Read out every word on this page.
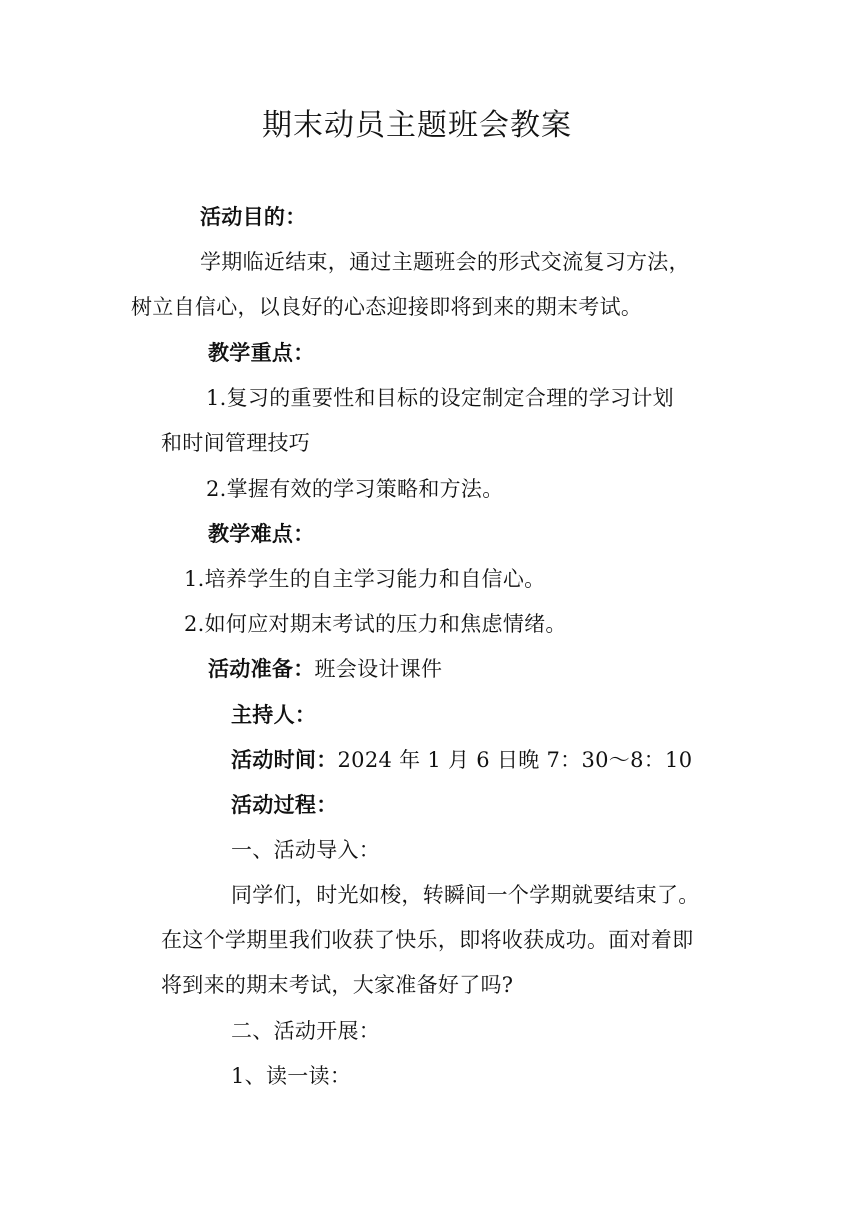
期末动员主题班会教案
活动目的：
学期临近结束，通过主题班会的形式交流复习方法，
树立自信心，以良好的心态迎接即将到来的期末考试。
教学重点：
1.复习的重要性和目标的设定制定合理的学习计划
和时间管理技巧
2.掌握有效的学习策略和方法。
教学难点：
1.培养学生的自主学习能力和自信心。
2.如何应对期末考试的压力和焦虑情绪。
活动准备：班会设计课件
主持人：
活动时间：2024 年 1 月 6 日晚 7：30～8：10
活动过程：
一、活动导入：
同学们，时光如梭，转瞬间一个学期就要结束了。
在这个学期里我们收获了快乐，即将收获成功。面对着即
将到来的期末考试，大家准备好了吗?
二、活动开展：
1、读一读：
